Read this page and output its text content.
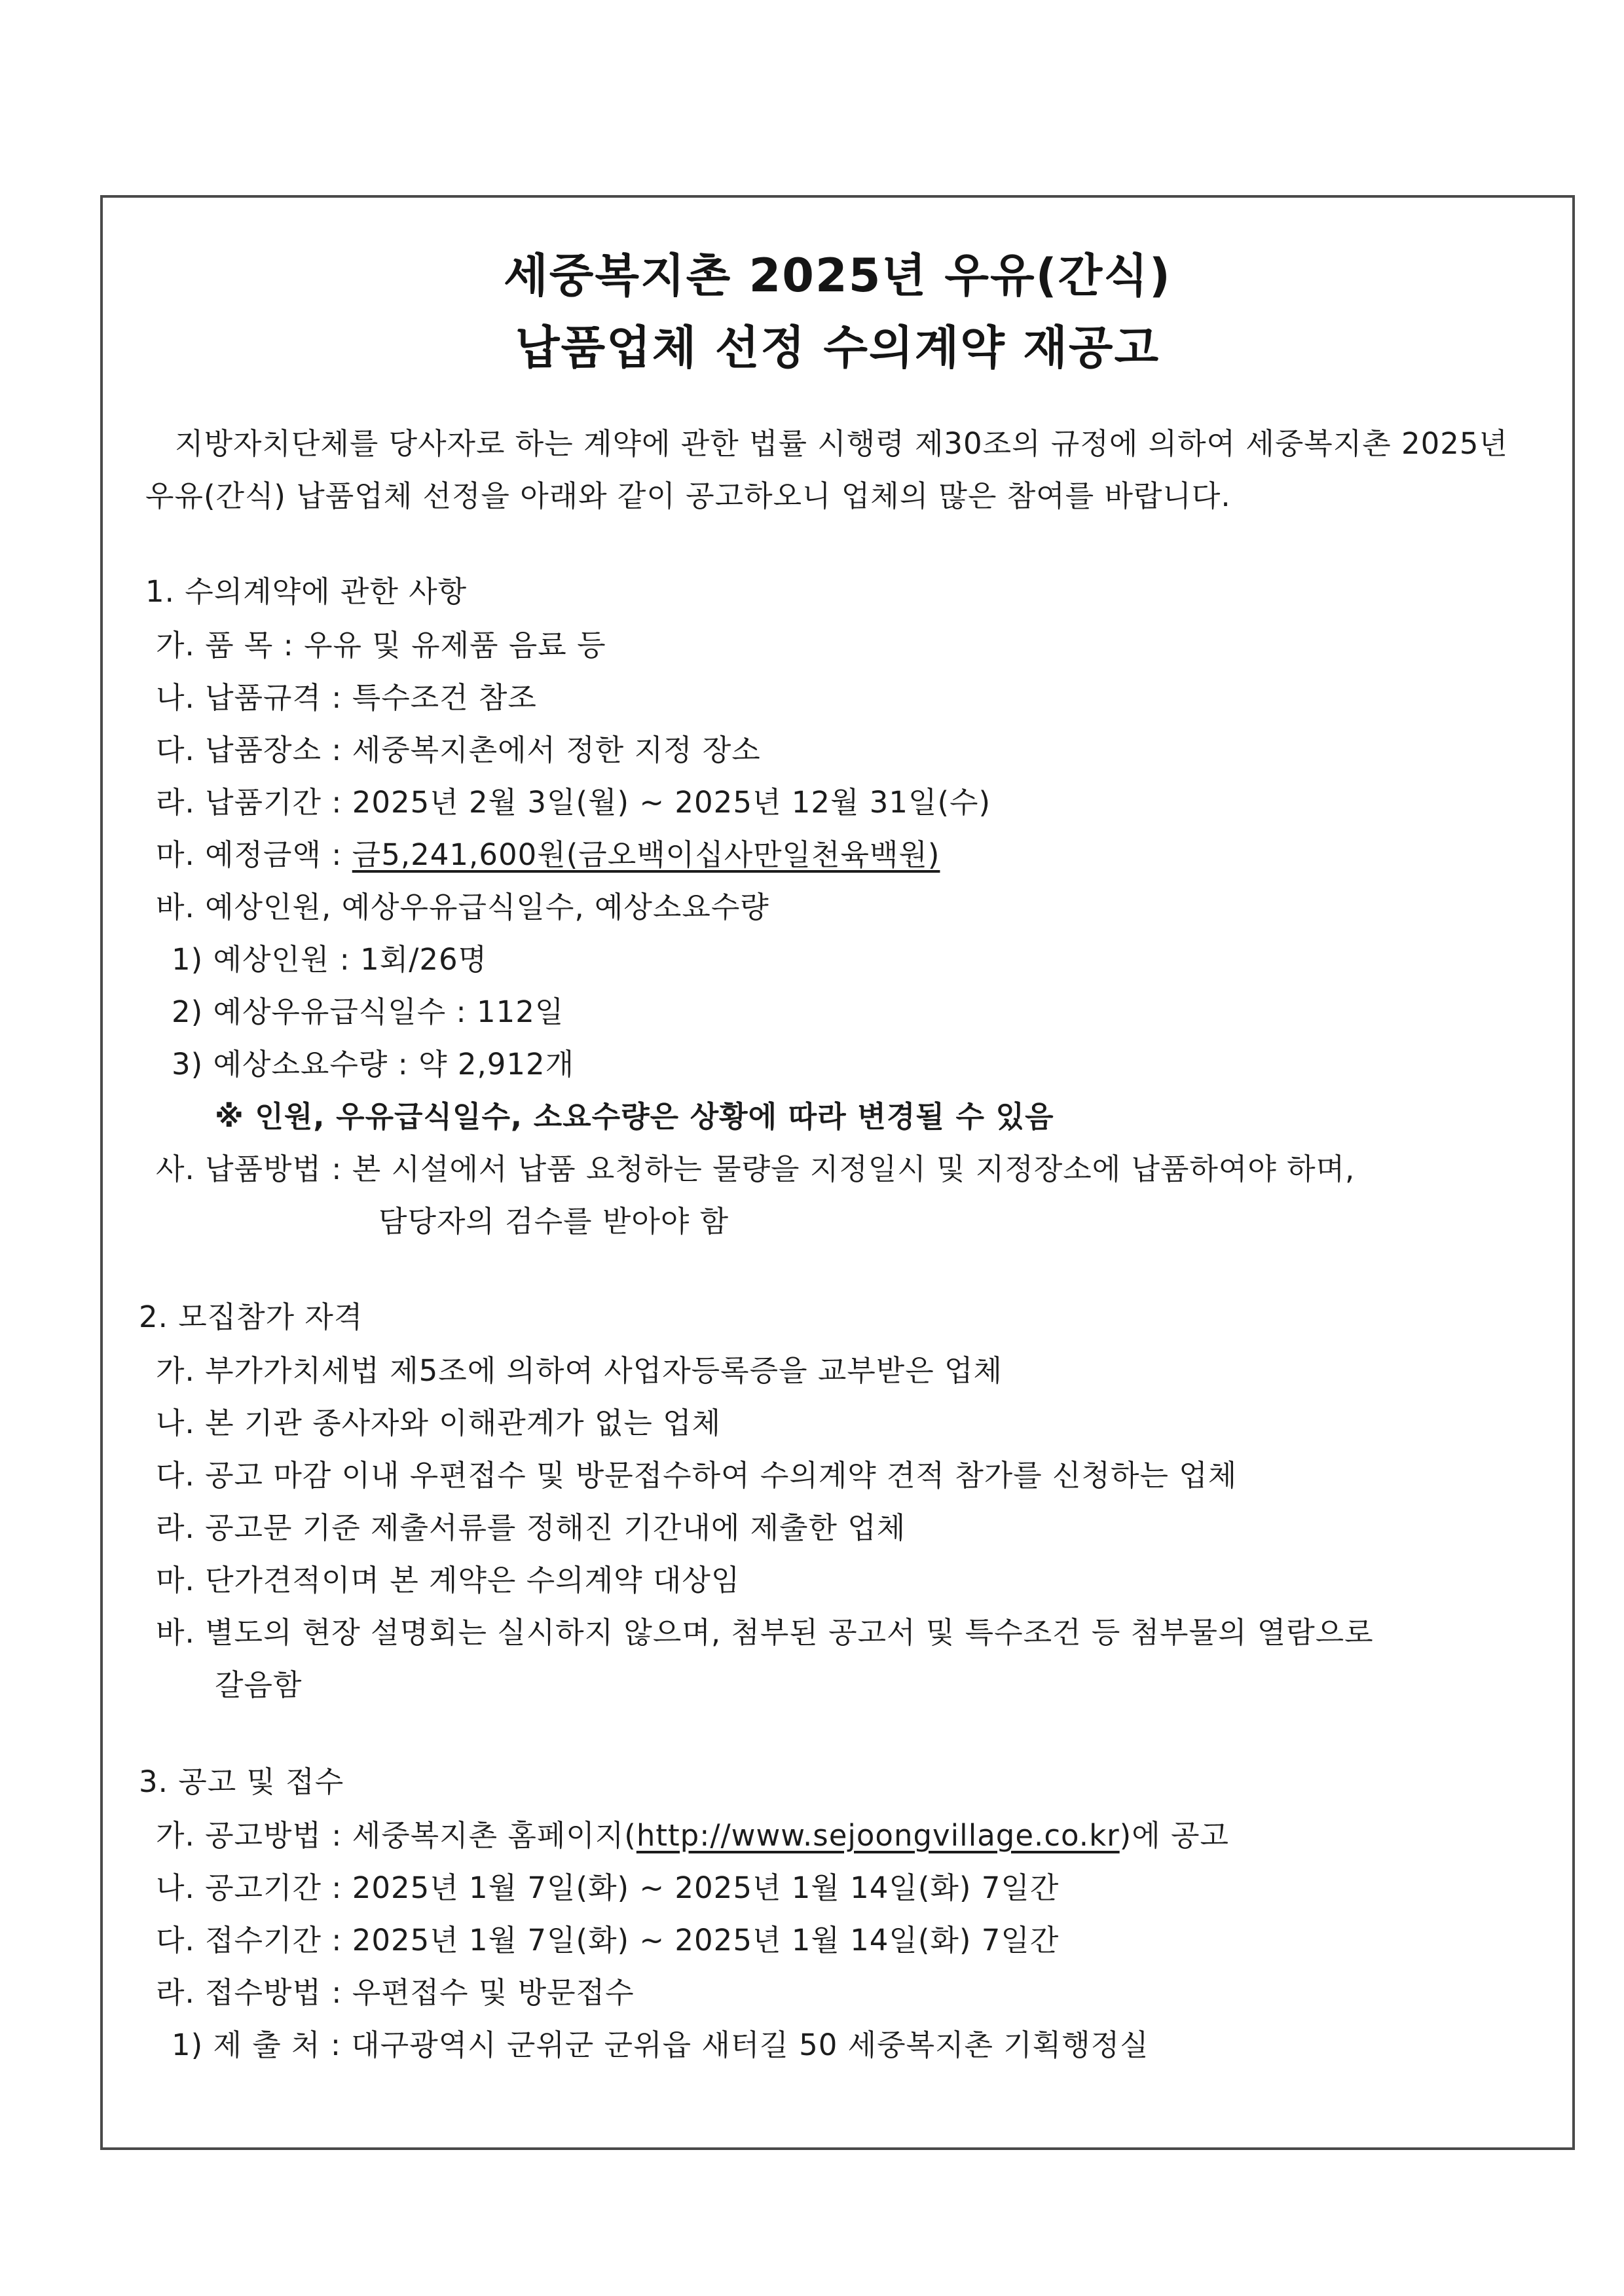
세중복지촌 2025년 우유(간식)
납품업체 선정 수의계약 재공고
지방자치단체를 당사자로 하는 계약에 관한 법률 시행령 제30조의 규정에 의하여 세중복지촌 2025년 우유(간식) 납품업체 선정을 아래와 같이 공고하오니 업체의 많은 참여를 바랍니다.
1. 수의계약에 관한 사항
가. 품 목 : 우유 및 유제품 음료 등
나. 납품규격 : 특수조건 참조
다. 납품장소 : 세중복지촌에서 정한 지정 장소
라. 납품기간 : 2025년 2월 3일(월) ~ 2025년 12월 31일(수)
마. 예정금액 : 금5,241,600원(금오백이십사만일천육백원)
바. 예상인원, 예상우유급식일수, 예상소요수량
1) 예상인원 : 1회/26명
2) 예상우유급식일수 : 112일
3) 예상소요수량 : 약 2,912개
※ 인원, 우유급식일수, 소요수량은 상황에 따라 변경될 수 있음
사. 납품방법 : 본 시설에서 납품 요청하는 물량을 지정일시 및 지정장소에 납품하여야 하며,
담당자의 검수를 받아야 함
2. 모집참가 자격
가. 부가가치세법 제5조에 의하여 사업자등록증을 교부받은 업체
나. 본 기관 종사자와 이해관계가 없는 업체
다. 공고 마감 이내 우편접수 및 방문접수하여 수의계약 견적 참가를 신청하는 업체
라. 공고문 기준 제출서류를 정해진 기간내에 제출한 업체
마. 단가견적이며 본 계약은 수의계약 대상임
바. 별도의 현장 설명회는 실시하지 않으며, 첨부된 공고서 및 특수조건 등 첨부물의 열람으로
갈음함
3. 공고 및 접수
가. 공고방법 : 세중복지촌 홈페이지(http://www.sejoongvillage.co.kr)에 공고
나. 공고기간 : 2025년 1월 7일(화) ~ 2025년 1월 14일(화) 7일간
다. 접수기간 : 2025년 1월 7일(화) ~ 2025년 1월 14일(화) 7일간
라. 접수방법 : 우편접수 및 방문접수
1) 제 출 처 : 대구광역시 군위군 군위읍 새터길 50 세중복지촌 기획행정실
